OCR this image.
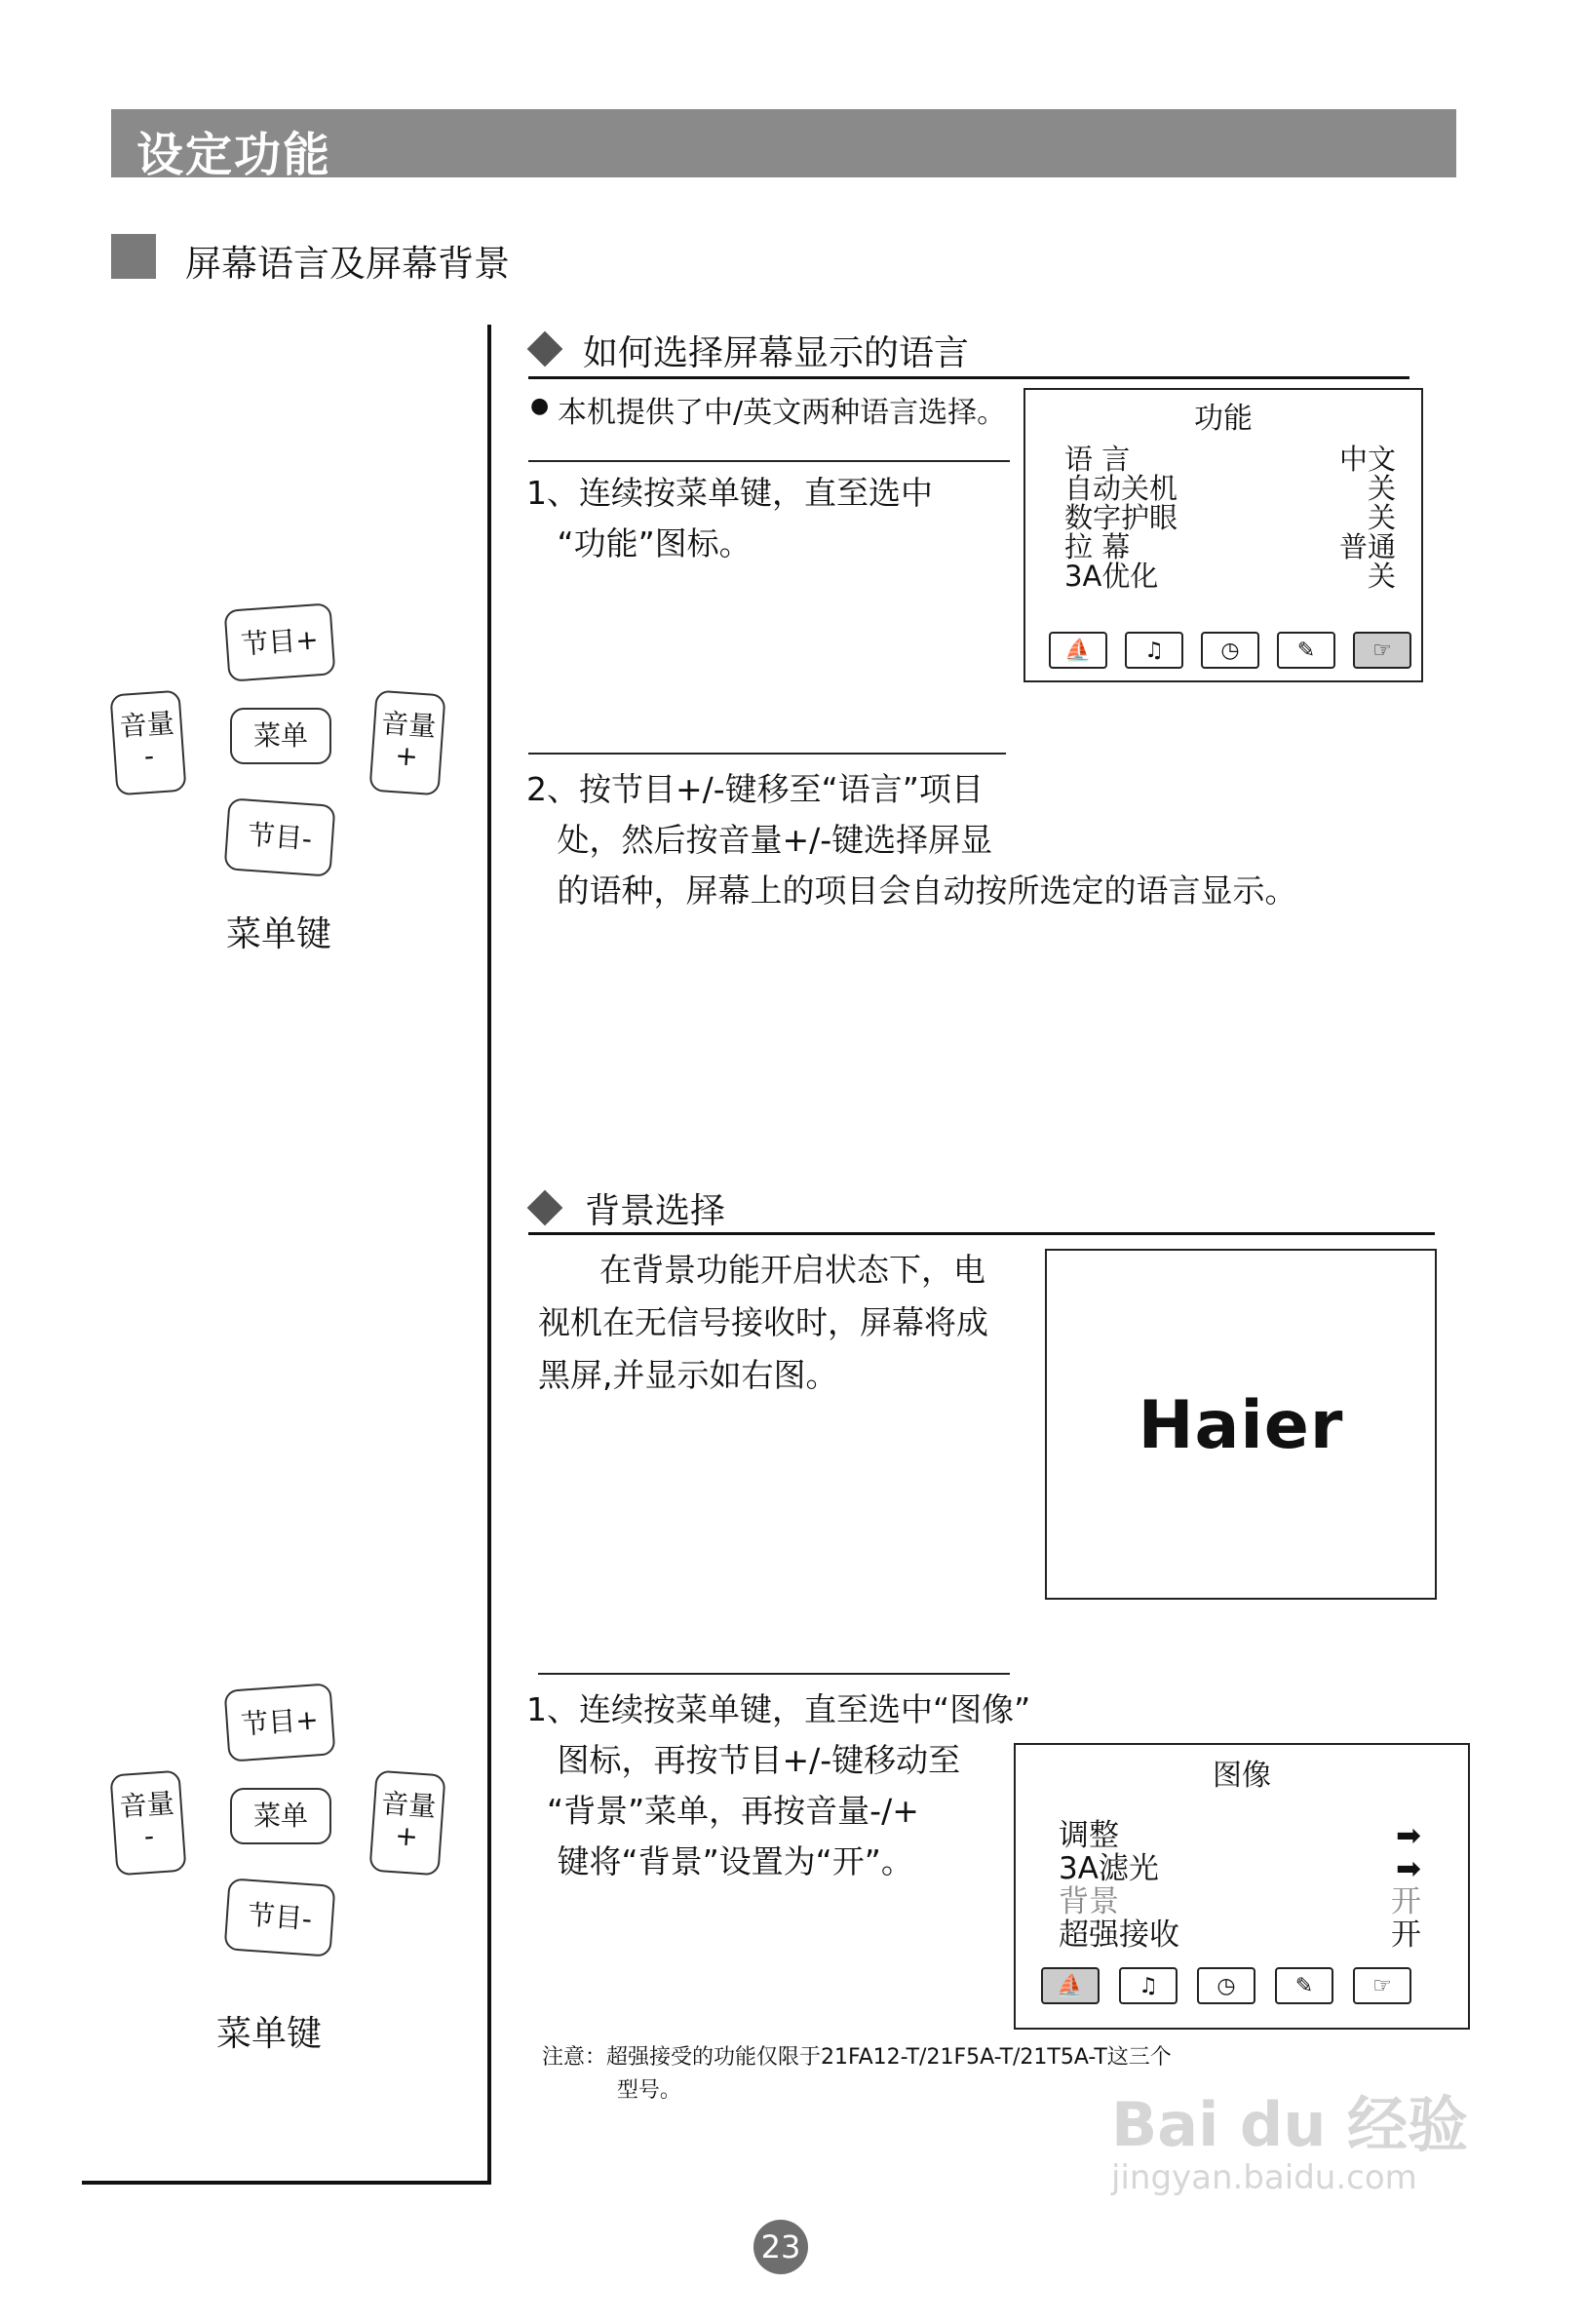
设定功能
屏幕语言及屏幕背景
如何选择屏幕显示的语言
● 本机提供了中/英文两种语言选择。
1、连续按菜单键，直至选中
“功能”图标。
功能
语 言	中文
自动关机	关
数字护眼	关
拉 幕	普通
3A优化	关
⛵	♫	◷	✎	☞
2、按节目+/-键移至“语言”项目
处，然后按音量+/-键选择屏显
的语种，屏幕上的项目会自动按所选定的语言显示。
节目+
菜单
节目-
音量
-
音量
+
菜单键
背景选择
在背景功能开启状态下，电
视机在无信号接收时，屏幕将成
黑屏,并显示如右图。
Haier
1、连续按菜单键，直至选中“图像”
图标，再按节目+/-键移动至
“背景”菜单，再按音量-/+
键将“背景”设置为“开”。
图像
调整	➡
3A滤光	➡
背景	开
超强接收	开
⛵	♫	◷	✎	☞
节目+
菜单
节目-
音量
-
音量
+
菜单键
注意：超强接受的功能仅限于21FA12-T/21F5A-T/21T5A-T这三个
型号。	Bai du 经验
jingyan.baidu.com
23
